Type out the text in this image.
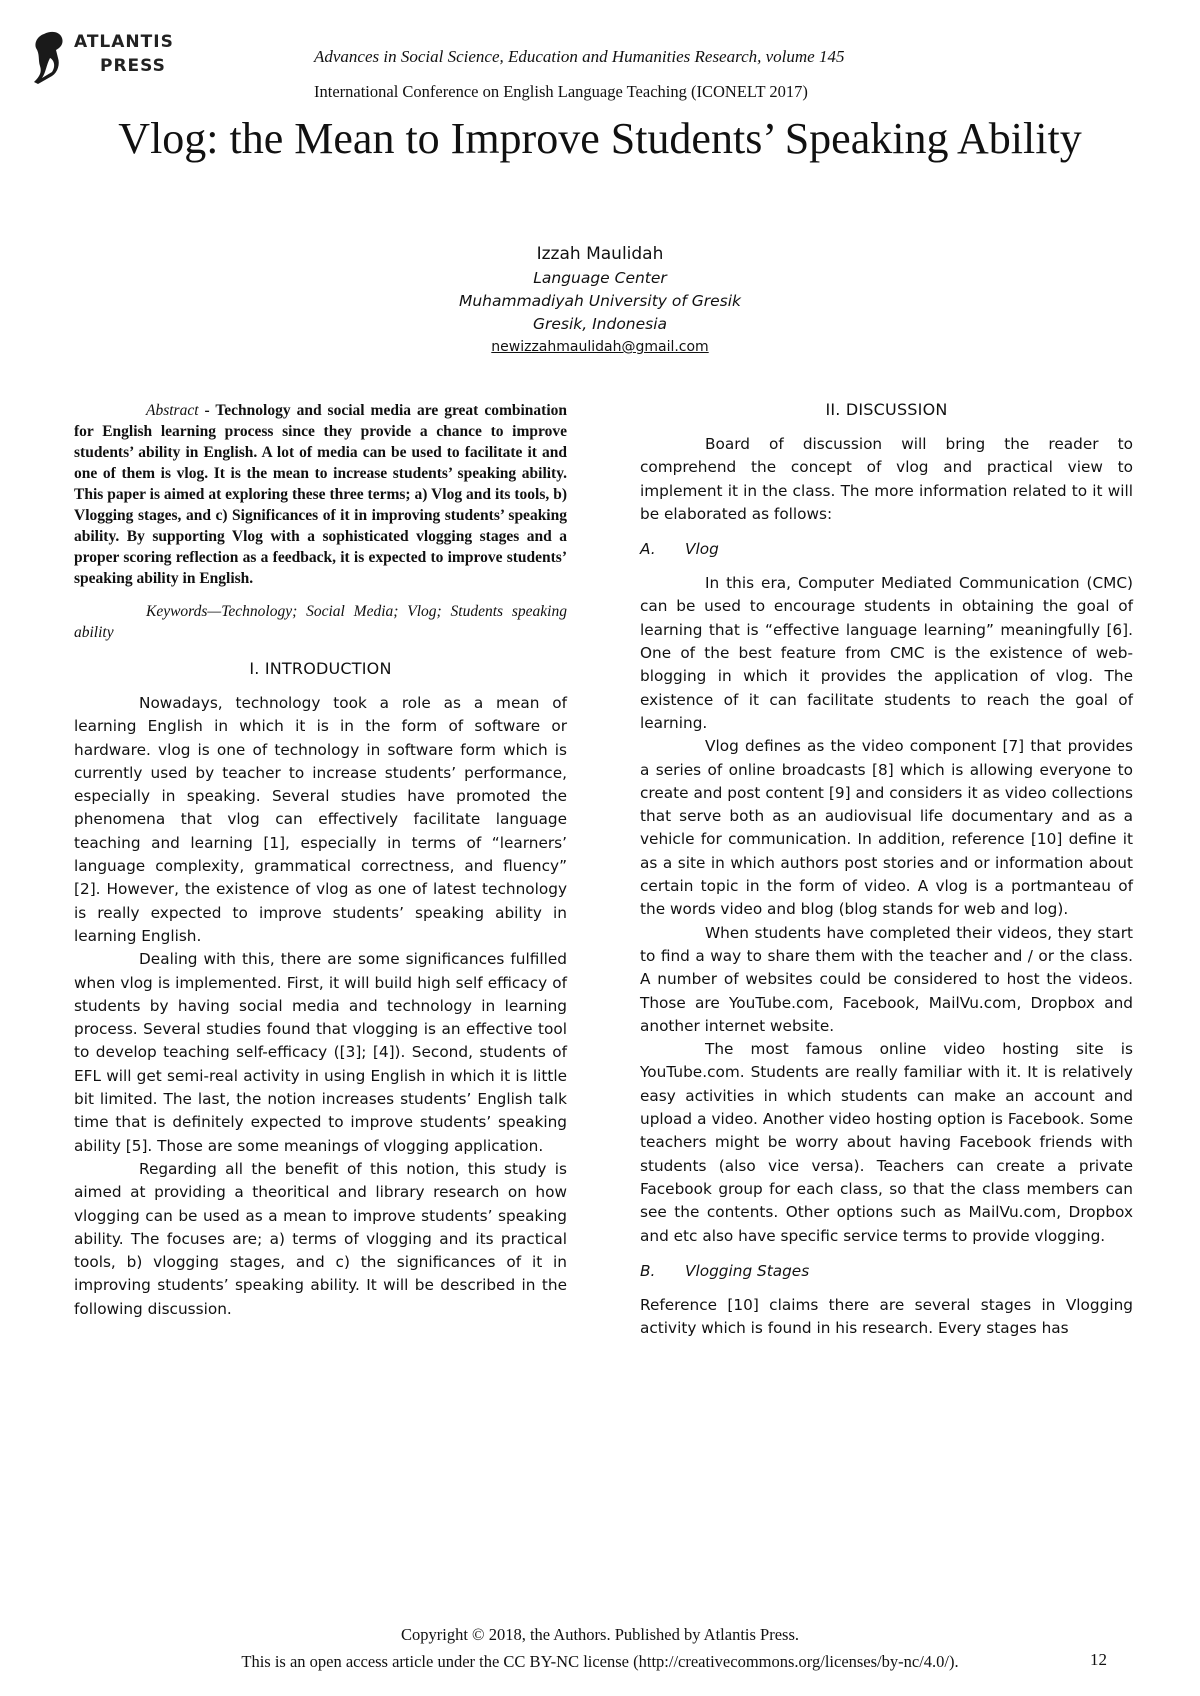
ATLANTIS
PRESS	Advances in Social Science, Education and Humanities Research, volume 145
International Conference on English Language Teaching (ICONELT 2017)
Vlog: the Mean to Improve Students’ Speaking Ability
Izzah Maulidah
Language Center
Muhammadiyah University of Gresik
Gresik, Indonesia
newizzahmaulidah@gmail.com

Abstract - Technology and social media are great combination for English learning process since they provide a chance to improve students’ ability in English. A lot of media can be used to facilitate it and one of them is vlog. It is the mean to increase students’ speaking ability. This paper is aimed at exploring these three terms; a) Vlog and its tools, b) Vlogging stages, and c) Significances of it in improving students’ speaking ability. By supporting Vlog with a sophisticated vlogging stages and a proper scoring reflection as a feedback, it is expected to improve students’ speaking ability in English.

Keywords—Technology; Social Media; Vlog; Students speaking ability

I. INTRODUCTION

Nowadays, technology took a role as a mean of learning English in which it is in the form of software or hardware. vlog is one of technology in software form which is currently used by teacher to increase students’ performance, especially in speaking. Several studies have promoted the phenomena that vlog can effectively facilitate language teaching and learning [1], especially in terms of “learners’ language complexity, grammatical correctness, and fluency” [2]. However, the existence of vlog as one of latest technology is really expected to improve students’ speaking ability in learning English.

Dealing with this, there are some significances fulfilled when vlog is implemented. First, it will build high self efficacy of students by having social media and technology in learning process. Several studies found that vlogging is an effective tool to develop teaching self-efficacy ([3]; [4]). Second, students of EFL will get semi-real activity in using English in which it is little bit limited. The last, the notion increases students’ English talk time that is definitely expected to improve students’ speaking ability [5]. Those are some meanings of vlogging application.

Regarding all the benefit of this notion, this study is aimed at providing a theoritical and library research on how vlogging can be used as a mean to improve students’ speaking ability. The focuses are; a) terms of vlogging and its practical tools, b) vlogging stages, and c) the significances of it in improving students’ speaking ability. It will be described in the following discussion.

II. DISCUSSION

Board of discussion will bring the reader to comprehend the concept of vlog and practical view to implement it in the class. The more information related to it will be elaborated as follows:

A. Vlog

In this era, Computer Mediated Communication (CMC) can be used to encourage students in obtaining the goal of learning that is “effective language learning” meaningfully [6]. One of the best feature from CMC is the existence of web-blogging in which it provides the application of vlog. The existence of it can facilitate students to reach the goal of learning.

Vlog defines as the video component [7] that provides a series of online broadcasts [8] which is allowing everyone to create and post content [9] and considers it as video collections that serve both as an audiovisual life documentary and as a vehicle for communication. In addition, reference [10] define it as a site in which authors post stories and or information about certain topic in the form of video. A vlog is a portmanteau of the words video and blog (blog stands for web and log).

When students have completed their videos, they start to find a way to share them with the teacher and / or the class. A number of websites could be considered to host the videos. Those are YouTube.com, Facebook, MailVu.com, Dropbox and another internet website.

The most famous online video hosting site is YouTube.com. Students are really familiar with it. It is relatively easy activities in which students can make an account and upload a video. Another video hosting option is Facebook. Some teachers might be worry about having Facebook friends with students (also vice versa). Teachers can create a private Facebook group for each class, so that the class members can see the contents. Other options such as MailVu.com, Dropbox and etc also have specific service terms to provide vlogging.

B. Vlogging Stages

Reference [10] claims there are several stages in Vlogging activity which is found in his research. Every stages has

Copyright © 2018, the Authors. Published by Atlantis Press.
This is an open access article under the CC BY-NC license (http://creativecommons.org/licenses/by-nc/4.0/).	12
